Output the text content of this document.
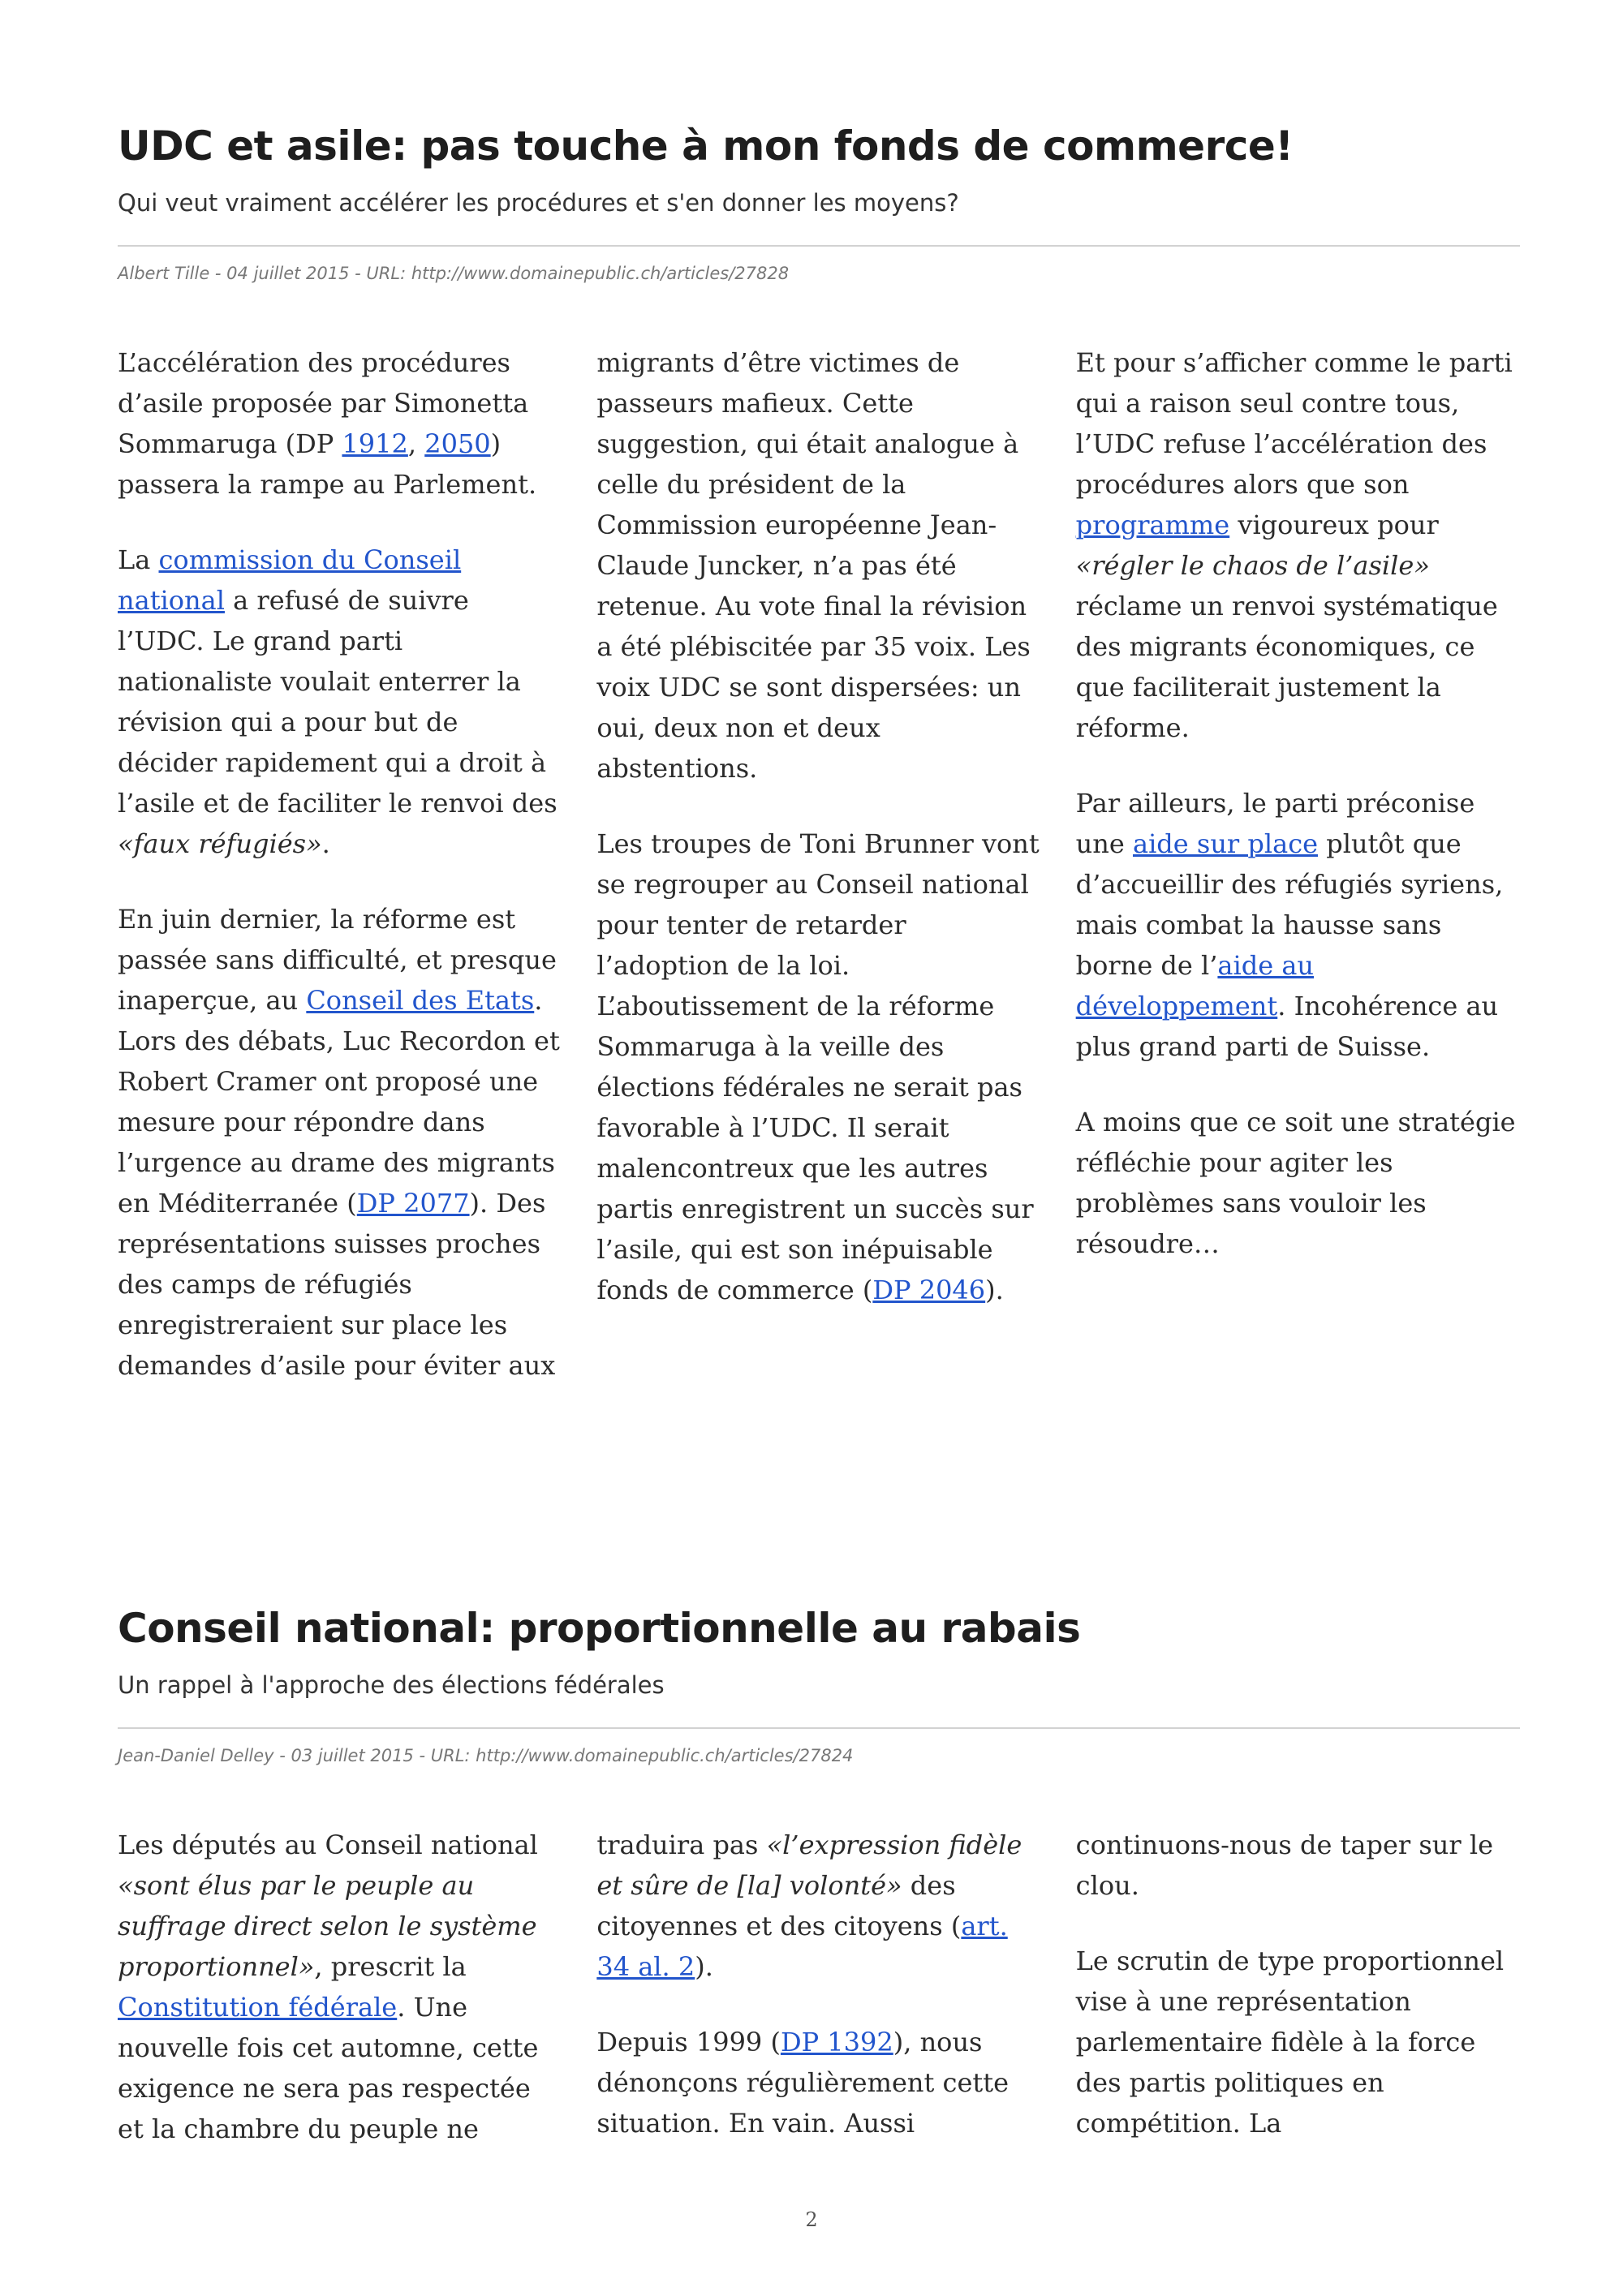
UDC et asile: pas touche à mon fonds de commerce!

Qui veut vraiment accélérer les procédures et s'en donner les moyens?

Albert Tille - 04 juillet 2015 - URL: http://www.domainepublic.ch/articles/27828

L’accélération des procédures d’asile proposée par Simonetta Sommaruga (DP 1912, 2050) passera la rampe au Parlement.

La commission du Conseil national a refusé de suivre l’UDC. Le grand parti nationaliste voulait enterrer la révision qui a pour but de décider rapidement qui a droit à l’asile et de faciliter le renvoi des «faux réfugiés».

En juin dernier, la réforme est passée sans difficulté, et presque inaperçue, au Conseil des Etats. Lors des débats, Luc Recordon et Robert Cramer ont proposé une mesure pour répondre dans l’urgence au drame des migrants en Méditerranée (DP 2077). Des représentations suisses proches des camps de réfugiés enregistreraient sur place les demandes d’asile pour éviter aux migrants d’être victimes de passeurs mafieux. Cette suggestion, qui était analogue à celle du président de la Commission européenne Jean-Claude Juncker, n’a pas été retenue. Au vote final la révision a été plébiscitée par 35 voix. Les voix UDC se sont dispersées: un oui, deux non et deux abstentions.

Les troupes de Toni Brunner vont se regrouper au Conseil national pour tenter de retarder l’adoption de la loi. L’aboutissement de la réforme Sommaruga à la veille des élections fédérales ne serait pas favorable à l’UDC. Il serait malencontreux que les autres partis enregistrent un succès sur l’asile, qui est son inépuisable fonds de commerce (DP 2046).

Et pour s’afficher comme le parti qui a raison seul contre tous, l’UDC refuse l’accélération des procédures alors que son programme vigoureux pour «régler le chaos de l’asile» réclame un renvoi systématique des migrants économiques, ce que faciliterait justement la réforme.

Par ailleurs, le parti préconise une aide sur place plutôt que d’accueillir des réfugiés syriens, mais combat la hausse sans borne de l’aide au développement. Incohérence au plus grand parti de Suisse.

A moins que ce soit une stratégie réfléchie pour agiter les problèmes sans vouloir les résoudre…

Conseil national: proportionnelle au rabais

Un rappel à l'approche des élections fédérales

Jean-Daniel Delley - 03 juillet 2015 - URL: http://www.domainepublic.ch/articles/27824

Les députés au Conseil national «sont élus par le peuple au suffrage direct selon le système proportionnel», prescrit la Constitution fédérale. Une nouvelle fois cet automne, cette exigence ne sera pas respectée et la chambre du peuple ne traduira pas «l’expression fidèle et sûre de [la] volonté» des citoyennes et des citoyens (art. 34 al. 2).

Depuis 1999 (DP 1392), nous dénonçons régulièrement cette situation. En vain. Aussi continuons-nous de taper sur le clou.

Le scrutin de type proportionnel vise à une représentation parlementaire fidèle à la force des partis politiques en compétition. La

2
